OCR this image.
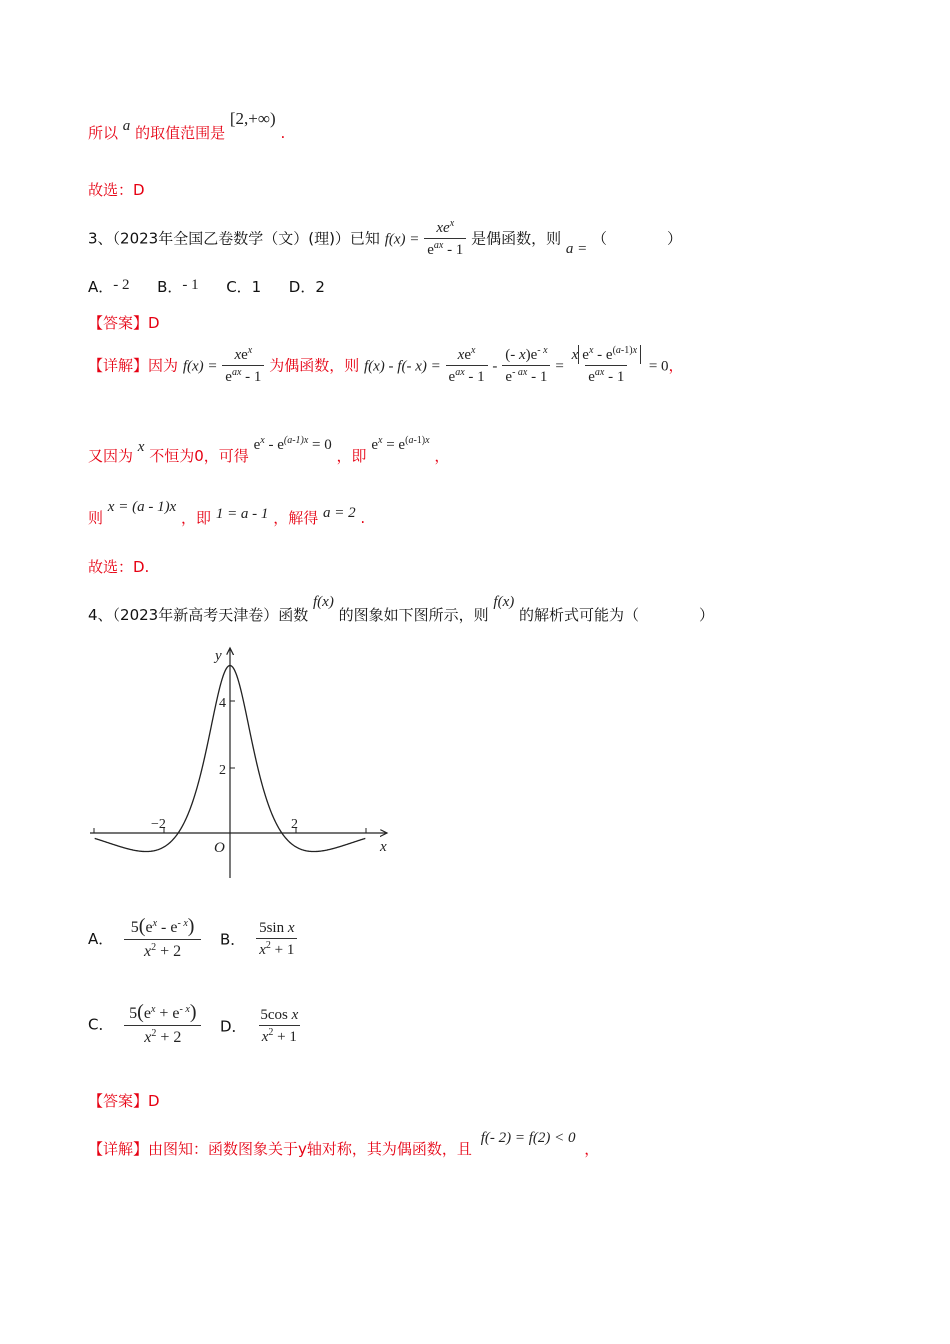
所以 a 的取值范围是 [2,+∞) .
故选：D
3、（2023年全国乙卷数学（文）(理)）已知 $f(x) = \frac{xe^x}{e^{ax} - 1}$ 是偶函数，则 a = （　　　　）
A．- 2 B．- 1 C．1 D．2
【答案】D
【详解】因为 $f(x) = \frac{xe^x}{e^{ax} - 1}$ 为偶函数，则 f(x) - f(- $x) = \frac{xe^x}{e^{ax} - 1} - \frac{(- x)e^{- x}}{e^{- ax} - 1} = \frac{x e^x - e^{(a-1)x}}{e^{ax} - 1} = 0$，
又因为 x 不恒为0，可得 $e^x - e^{(a-1)x} = 0$ ，即 $e^x = e^{(a-1)x}$ ，
则 x = (a - 1)x ，即 1 = a - 1 ，解得 a = 2 .
故选：D.
4、（2023年新高考天津卷）函数 f(x) 的图象如下图所示，则 f(x) 的解析式可能为（　　　　）
y
x
O
4
2
−2	2
A． $\frac{5(e^x - e^{- x})}{x^2 + 2}$ B． $\frac{\text{5sin x}}{x^2 + 1}$
C． $\frac{5(e^x + e^{- x})}{x^2 + 2}$ D． $\frac{\text{5cos x}}{x^2 + 1}$
【答案】D
【详解】由图知：函数图象关于y轴对称，其为偶函数，且 f(- 2) = f(2) < 0 ，
